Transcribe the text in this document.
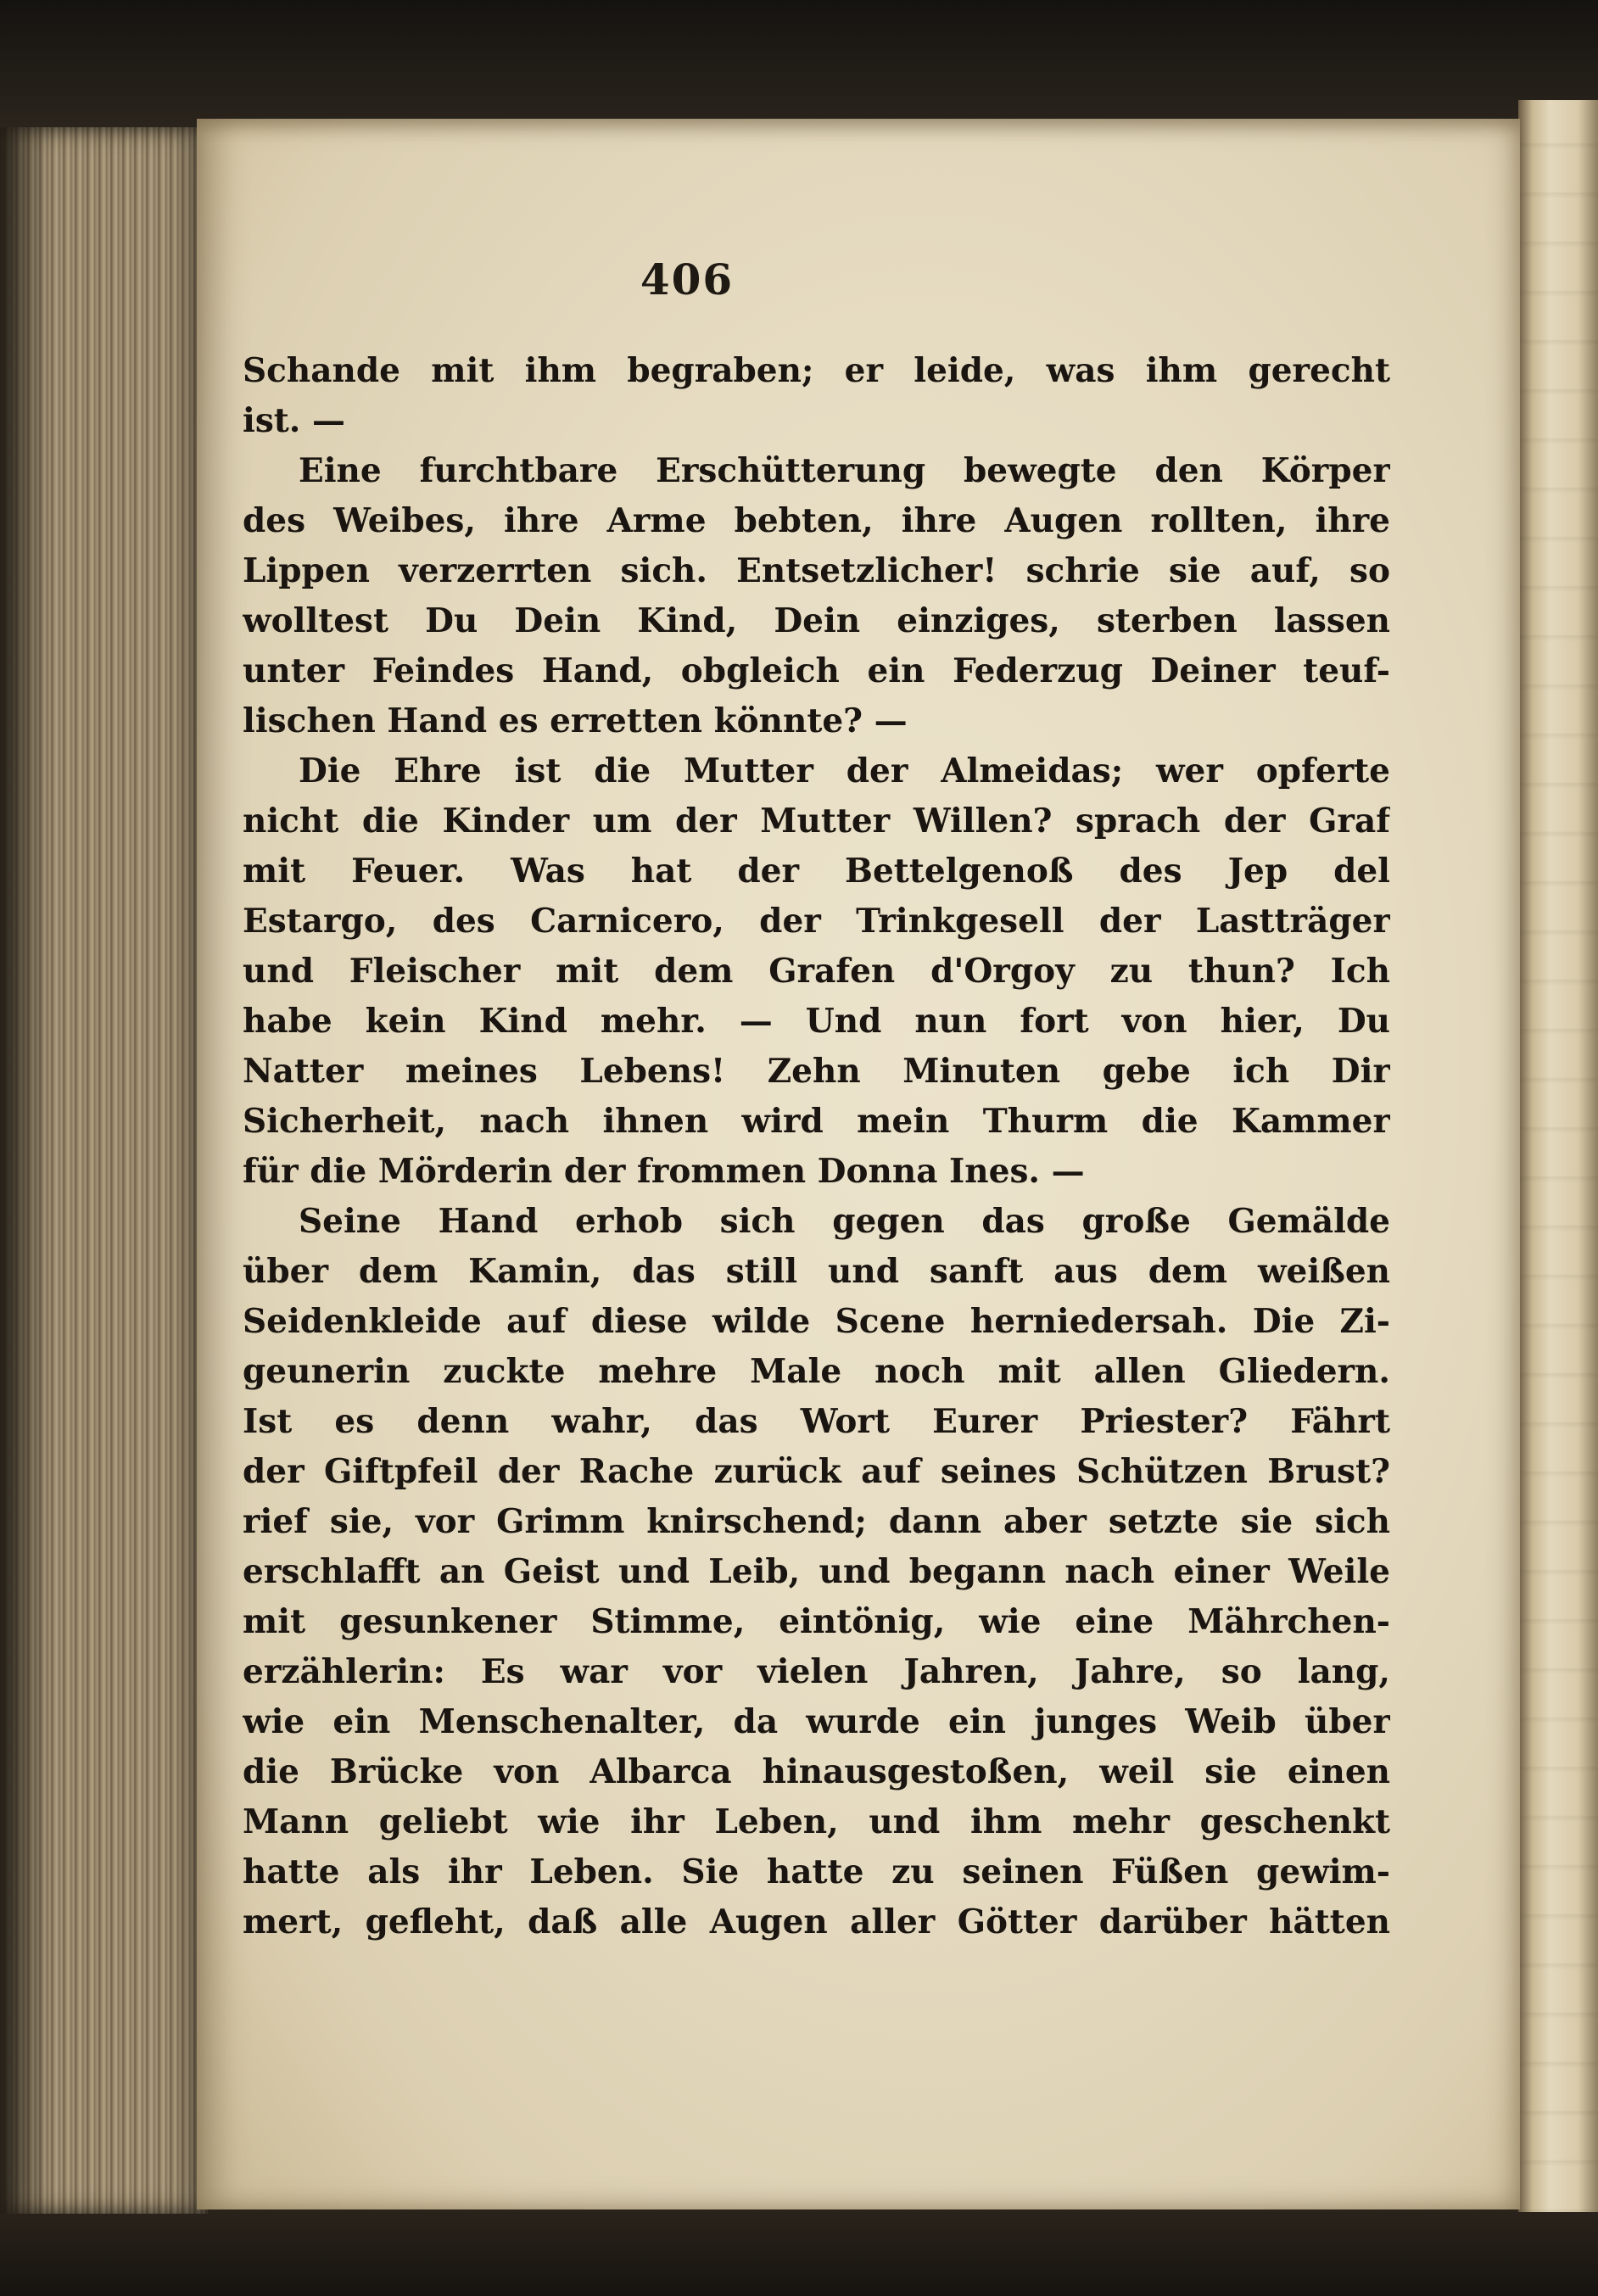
406
Schande mit ihm begraben; er leide, was ihm gerecht
ist. —
Eine furchtbare Erschütterung bewegte den Körper
des Weibes, ihre Arme bebten, ihre Augen rollten, ihre
Lippen verzerrten sich. Entsetzlicher! schrie sie auf, so
wolltest Du Dein Kind, Dein einziges, sterben lassen
unter Feindes Hand, obgleich ein Federzug Deiner teuf-
lischen Hand es erretten könnte? —
Die Ehre ist die Mutter der Almeidas; wer opferte
nicht die Kinder um der Mutter Willen? sprach der Graf
mit Feuer. Was hat der Bettelgenoß des Jep del
Estargo, des Carnicero, der Trinkgesell der Lastträger
und Fleischer mit dem Grafen d'Orgoy zu thun? Ich
habe kein Kind mehr. — Und nun fort von hier, Du
Natter meines Lebens! Zehn Minuten gebe ich Dir
Sicherheit, nach ihnen wird mein Thurm die Kammer
für die Mörderin der frommen Donna Ines. —
Seine Hand erhob sich gegen das große Gemälde
über dem Kamin, das still und sanft aus dem weißen
Seidenkleide auf diese wilde Scene herniedersah. Die Zi-
geunerin zuckte mehre Male noch mit allen Gliedern.
Ist es denn wahr, das Wort Eurer Priester? Fährt
der Giftpfeil der Rache zurück auf seines Schützen Brust?
rief sie, vor Grimm knirschend; dann aber setzte sie sich
erschlafft an Geist und Leib, und begann nach einer Weile
mit gesunkener Stimme, eintönig, wie eine Mährchen-
erzählerin: Es war vor vielen Jahren, Jahre, so lang,
wie ein Menschenalter, da wurde ein junges Weib über
die Brücke von Albarca hinausgestoßen, weil sie einen
Mann geliebt wie ihr Leben, und ihm mehr geschenkt
hatte als ihr Leben. Sie hatte zu seinen Füßen gewim-
mert, gefleht, daß alle Augen aller Götter darüber hätten
